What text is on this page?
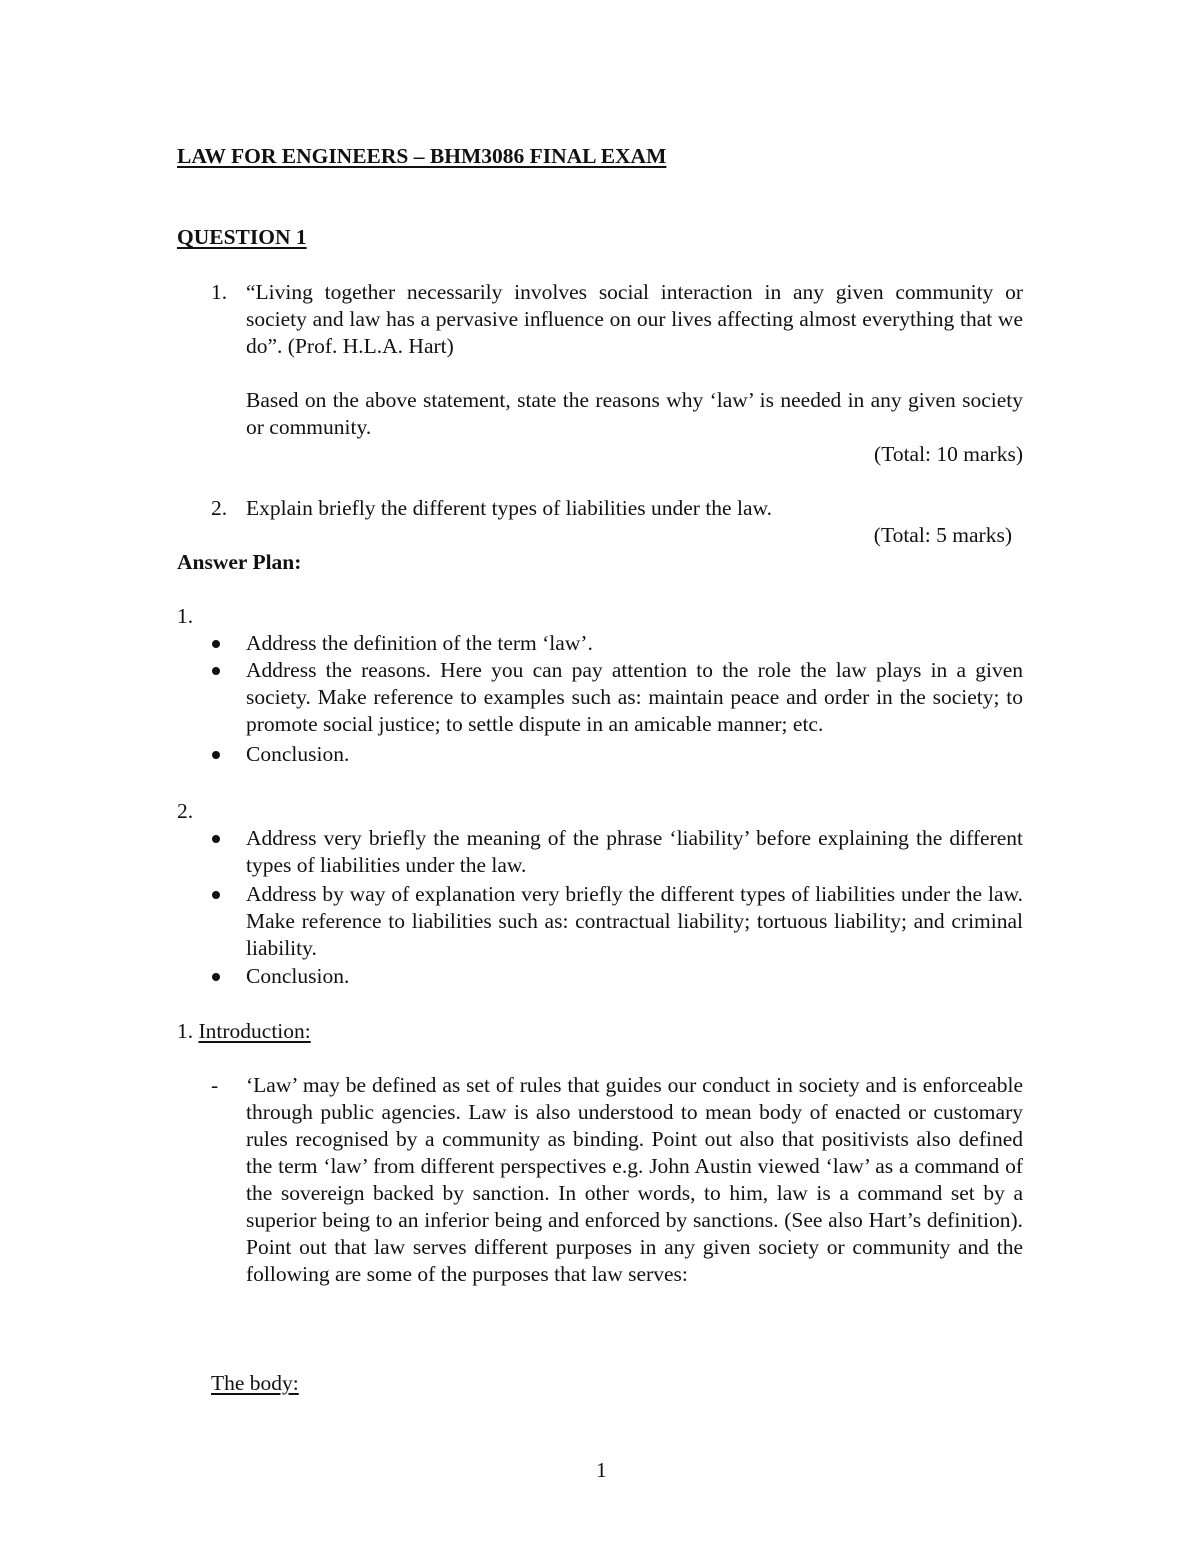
LAW FOR ENGINEERS – BHM3086 FINAL EXAM
QUESTION 1
1. “Living together necessarily involves social interaction in any given community or society and law has a pervasive influence on our lives affecting almost everything that we do”. (Prof. H.L.A. Hart)
Based on the above statement, state the reasons why ‘law’ is needed in any given society or community.
(Total: 10 marks)
2. Explain briefly the different types of liabilities under the law.
(Total: 5 marks)
Answer Plan:
1.
Address the definition of the term ‘law’.
Address the reasons. Here you can pay attention to the role the law plays in a given society. Make reference to examples such as: maintain peace and order in the society; to promote social justice; to settle dispute in an amicable manner; etc.
Conclusion.
2.
Address very briefly the meaning of the phrase ‘liability’ before explaining the different types of liabilities under the law.
Address by way of explanation very briefly the different types of liabilities under the law. Make reference to liabilities such as: contractual liability; tortuous liability; and criminal liability.
Conclusion.
1. Introduction:
- ‘Law’ may be defined as set of rules that guides our conduct in society and is enforceable through public agencies. Law is also understood to mean body of enacted or customary rules recognised by a community as binding. Point out also that positivists also defined the term ‘law’ from different perspectives e.g. John Austin viewed ‘law’ as a command of the sovereign backed by sanction. In other words, to him, law is a command set by a superior being to an inferior being and enforced by sanctions. (See also Hart’s definition). Point out that law serves different purposes in any given society or community and the following are some of the purposes that law serves:
The body:
1
